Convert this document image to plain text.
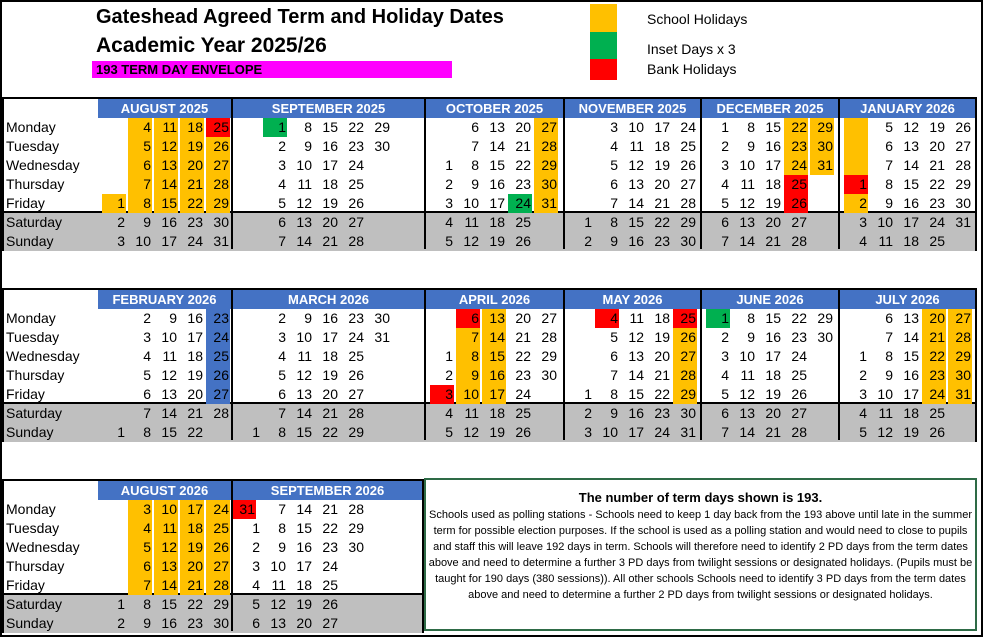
Gateshead Agreed Term and Holiday Dates
Academic Year 2025/26
193 TERM DAY ENVELOPE
School Holidays
Inset Days x 3
Bank Holidays
Monday
Tuesday
Wednesday
Thursday
Friday
Saturday
Sunday
AUGUST 2025
1
2
3
4
5
6
7
8
9
10
11
12
13
14
15
16
17
18
19
20
21
22
23
24
25
26
27
28
29
30
31
SEPTEMBER 2025
1
2
3
4
5
6
7
8
9
10
11
12
13
14
15
16
17
18
19
20
21
22
23
24
25
26
27
28
29
30
OCTOBER 2025
1
2
3
4
5
6
7
8
9
10
11
12
13
14
15
16
17
18
19
20
21
22
23
24
25
26
27
28
29
30
31
NOVEMBER 2025
1
2
3
4
5
6
7
8
9
10
11
12
13
14
15
16
17
18
19
20
21
22
23
24
25
26
27
28
29
30
DECEMBER 2025
1
2
3
4
5
6
7
8
9
10
11
12
13
14
15
16
17
18
19
20
21
22
23
24
25
26
27
28
29
30
31
JANUARY 2026
1
2
3
4
5
6
7
8
9
10
11
12
13
14
15
16
17
18
19
20
21
22
23
24
25
26
27
28
29
30
31
Monday
Tuesday
Wednesday
Thursday
Friday
Saturday
Sunday
FEBRUARY 2026
1
2
3
4
5
6
7
8
9
10
11
12
13
14
15
16
17
18
19
20
21
22
23
24
25
26
27
28
MARCH 2026
1
2
3
4
5
6
7
8
9
10
11
12
13
14
15
16
17
18
19
20
21
22
23
24
25
26
27
28
29
30
31
APRIL 2026
1
2
3
4
5
6
7
8
9
10
11
12
13
14
15
16
17
18
19
20
21
22
23
24
25
26
27
28
29
30
MAY 2026
1
2
3
4
5
6
7
8
9
10
11
12
13
14
15
16
17
18
19
20
21
22
23
24
25
26
27
28
29
30
31
JUNE 2026
1
2
3
4
5
6
7
8
9
10
11
12
13
14
15
16
17
18
19
20
21
22
23
24
25
26
27
28
29
30
JULY 2026
1
2
3
4
5
6
7
8
9
10
11
12
13
14
15
16
17
18
19
20
21
22
23
24
25
26
27
28
29
30
31
Monday
Tuesday
Wednesday
Thursday
Friday
Saturday
Sunday
AUGUST 2026
1
2
3
4
5
6
7
8
9
10
11
12
13
14
15
16
17
18
19
20
21
22
23
24
25
26
27
28
29
30
31
SEPTEMBER 2026
1
2
3
4
5
6
7
8
9
10
11
12
13
14
15
16
17
18
19
20
21
22
23
24
25
26
27
28
29
30
The number of term days shown is 193.
Schools used as polling stations - Schools need to keep 1 day back from the 193 above until late in the summer term for possible election purposes. If the school is used as a polling station and would need to close to pupils and staff this will leave 192 days in term. Schools will therefore need to identify 2 PD days from the term dates above and need to determine a further 3 PD days from twilight sessions or designated holidays. (Pupils must be taught for 190 days (380 sessions)). All other schools Schools need to identify 3 PD days from the term dates above and need to determine a further 2 PD days from twilight sessions or designated holidays.
